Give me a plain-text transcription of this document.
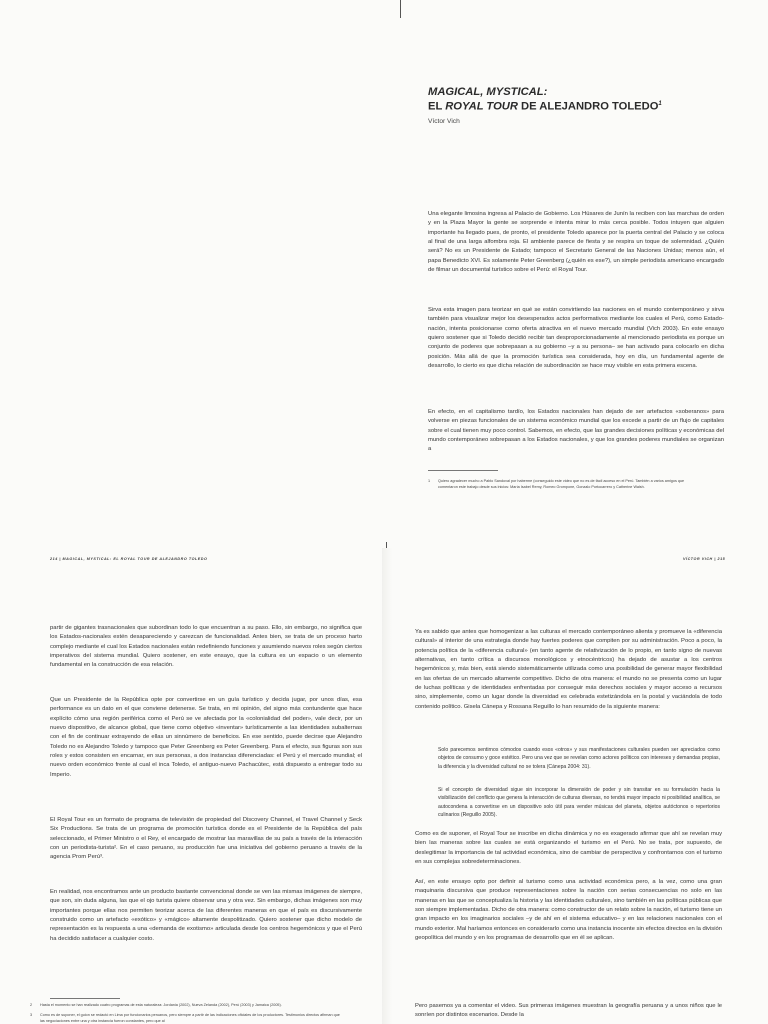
MAGICAL, MYSTICAL:
EL ROYAL TOUR DE ALEJANDRO TOLEDO$^1$
Víctor Vich

Una elegante limosina ingresa al Palacio de Gobierno. Los Húsares de Junín la reciben con las marchas de orden y en la Plaza Mayor la gente se sorprende e intenta mirar lo más cerca posible. Todos intuyen que alguien importante ha llegado pues, de pronto, el presidente Toledo aparece por la puerta central del Palacio y se coloca al final de una larga alfombra roja. El ambiente parece de fiesta y se respira un toque de solemnidad. ¿Quién será? No es un Presidente de Estado; tampoco el Secretario General de las Naciones Unidas; menos aún, el papa Benedicto XVI. Es solamente Peter Greenberg (¿quién es ese?), un simple periodista americano encargado de filmar un documental turístico sobre el Perú: el Royal Tour.

Sirva esta imagen para teorizar en qué se están convirtiendo las naciones en el mundo contemporáneo y sirva también para visualizar mejor los desesperados actos performativos mediante los cuales el Perú, como Estado-nación, intenta posicionarse como oferta atractiva en el nuevo mercado mundial (Vich 2003). En este ensayo quiero sostener que si Toledo decidió recibir tan desproporcionadamente al mencionado periodista es porque un conjunto de poderes que sobrepasan a su gobierno –y a su persona– se han activado para colocarlo en dicha posición. Más allá de que la promoción turística sea considerada, hoy en día, un fundamental agente de desarrollo, lo cierto es que dicha relación de subordinación se hace muy visible en esta primera escena.

En efecto, en el capitalismo tardío, los Estados nacionales han dejado de ser artefactos «soberanos» para volverse en piezas funcionales de un sistema económico mundial que los excede a partir de un flujo de capitales sobre el cual tienen muy poco control. Sabemos, en efecto, que las grandes decisiones políticas y económicas del mundo contemporáneo sobrepasan a los Estados nacionales, y que los grandes poderes mundiales se organizan a

1 Quiero agradecer mucho a Pablo Sandoval por haberme (conseguido este video que no es de fácil acceso en el Perú. También a varios amigos que comentaron este trabajo desde sus inicios: María Isabel Remy, Romeo Grompone, Gonzalo Portocarrero y Catherine Walsh.

214 | MAGICAL, MYSTICAL: EL ROYAL TOUR DE ALEJANDRO TOLEDO	VÍCTOR VICH | 215

partir de gigantes trasnacionales que subordinan todo lo que encuentran a su paso. Ello, sin embargo, no significa que los Estados-nacionales estén desapareciendo y carezcan de funcionalidad. Antes bien, se trata de un proceso harto complejo mediante el cual los Estados nacionales están redefiniendo funciones y asumiendo nuevos roles según ciertos imperativos del sistema mundial. Quiero sostener, en este ensayo, que la cultura es un espacio o un elemento fundamental en la construcción de esa relación.

Que un Presidente de la República opte por convertirse en un guía turístico y decida jugar, por unos días, esa performance es un dato en el que conviene detenerse. Se trata, en mi opinión, del signo más contundente que hace explícito cómo una región periférica como el Perú se ve afectada por la «colonialidad del poder», vale decir, por un nuevo dispositivo, de alcance global, que tiene como objetivo «inventar» turísticamente a las identidades subalternas con el fin de continuar extrayendo de ellas un sinnúmero de beneficios. En ese sentido, puede decirse que Alejandro Toledo no es Alejandro Toledo y tampoco que Peter Greenberg es Peter Greenberg. Para el efecto, sus figuras son sus roles y estos consisten en encarnar, en sus personas, a dos instancias diferenciadas: el Perú y el mercado mundial; el nuevo orden económico frente al cual el inca Toledo, el antiguo-nuevo Pachacútec, está dispuesto a entregar todo su Imperio.

El Royal Tour es un formato de programa de televisión de propiedad del Discovery Channel, el Travel Channel y Seck Six Productions. Se trata de un programa de promoción turística donde es el Presidente de la República del país seleccionado, el Primer Ministro o el Rey, el encargado de mostrar las maravillas de su país a través de la interacción con un periodista-turista². En el caso peruano, su producción fue una iniciativa del gobierno peruano a través de la agencia Prom Perú³.

En realidad, nos encontramos ante un producto bastante convencional donde se ven las mismas imágenes de siempre, que son, sin duda alguna, las que el ojo turista quiere observar una y otra vez. Sin embargo, dichas imágenes son muy importantes porque ellas nos permiten teorizar acerca de las diferentes maneras en que el país es discursivamente construido como un artefacto «exótico» y «mágico» altamente despolitizado. Quiero sostener que dicho modelo de representación es la respuesta a una «demanda de exotismo» articulada desde los centros hegemónicos y que el Perú ha decidido satisfacer a cualquier costo.

2 Hasta el momento se han realizado cuatro programas de esta naturaleza: Jordania (2002), Nueva Zelanda (2002), Perú (2003) y Jamaica (2005).

3 Como es de suponer, el guion se redactó en Lima por funcionarios peruanos, pero siempre a partir de las indicaciones oficiales de los productores. Testimonios directos afirman que las negociaciones entre una y otra instancia fueron constantes, pero que al

Ya es sabido que antes que homogenizar a las culturas el mercado contemporáneo alienta y promueve la «diferencia cultural» al interior de una estrategia donde hay fuertes poderes que compiten por su administración. Poco a poco, la potencia política de la «diferencia cultural» (en tanto agente de relativización de lo propio, en tanto signo de nuevas alternativas, en tanto crítica a discursos monológicos y etnocéntricos) ha dejado de asustar a los centros hegemónicos y, más bien, está siendo sistemáticamente utilizada como una posibilidad de generar mayor flexibilidad en las ofertas de un mercado altamente competitivo. Dicho de otra manera: el mundo no se presenta como un lugar de luchas políticas y de identidades enfrentadas por conseguir más derechos sociales y mayor acceso a recursos sino, simplemente, como un lugar donde la diversidad es celebrada estetizándola en la postal y vaciándola de todo contenido político. Gisela Cánepa y Rossana Reguillo lo han resumido de la siguiente manera:

Solo parecemos sentirnos cómodos cuando esos «otros» y sus manifestaciones culturales pueden ser apreciados como objetos de consumo y goce estético. Pero una vez que se revelan como actores políticos con intereses y demandas propias, la diferencia y la diversidad cultural no se tolera (Cánepa 2004: 31).

Si el concepto de diversidad sigue sin incorporar la dimensión de poder y sin transitar en su formulación hacia la visibilización del conflicto que genera la interacción de culturas diversas, no tendrá mayor impacto ni posibilidad analítica, se autocondena a convertirse en un dispositivo solo útil para vender músicas del planeta, objetos autóctonos o repertorios culinarios (Reguillo 2005).

Como es de suponer, el Royal Tour se inscribe en dicha dinámica y no es exagerado afirmar que ahí se revelan muy bien las maneras sobre las cuales se está organizando el turismo en el Perú. No se trata, por supuesto, de deslegitimar la importancia de tal actividad económica, sino de cambiar de perspectiva y confrontarnos con el turismo en sus complejas sobredeterminaciones.

Así, en este ensayo opto por definir al turismo como una actividad económica pero, a la vez, como una gran maquinaria discursiva que produce representaciones sobre la nación con serias consecuencias no solo en las maneras en las que se conceptualiza la historia y las identidades culturales, sino también en las políticas públicas que son siempre implementadas. Dicho de otra manera: como constructor de un relato sobre la nación, el turismo tiene un gran impacto en los imaginarios sociales –y de ahí en el sistema educativo– y en las relaciones nacionales con el mundo exterior. Mal haríamos entonces en considerarlo como una instancia inocente sin efectos directos en la división geopolítica del mundo y en los programas de desarrollo que en él se aplican.

Pero pasemos ya a comentar el video. Sus primeras imágenes muestran la geografía peruana y a unos niños que le sonríen por distintos escenarios. Desde la
